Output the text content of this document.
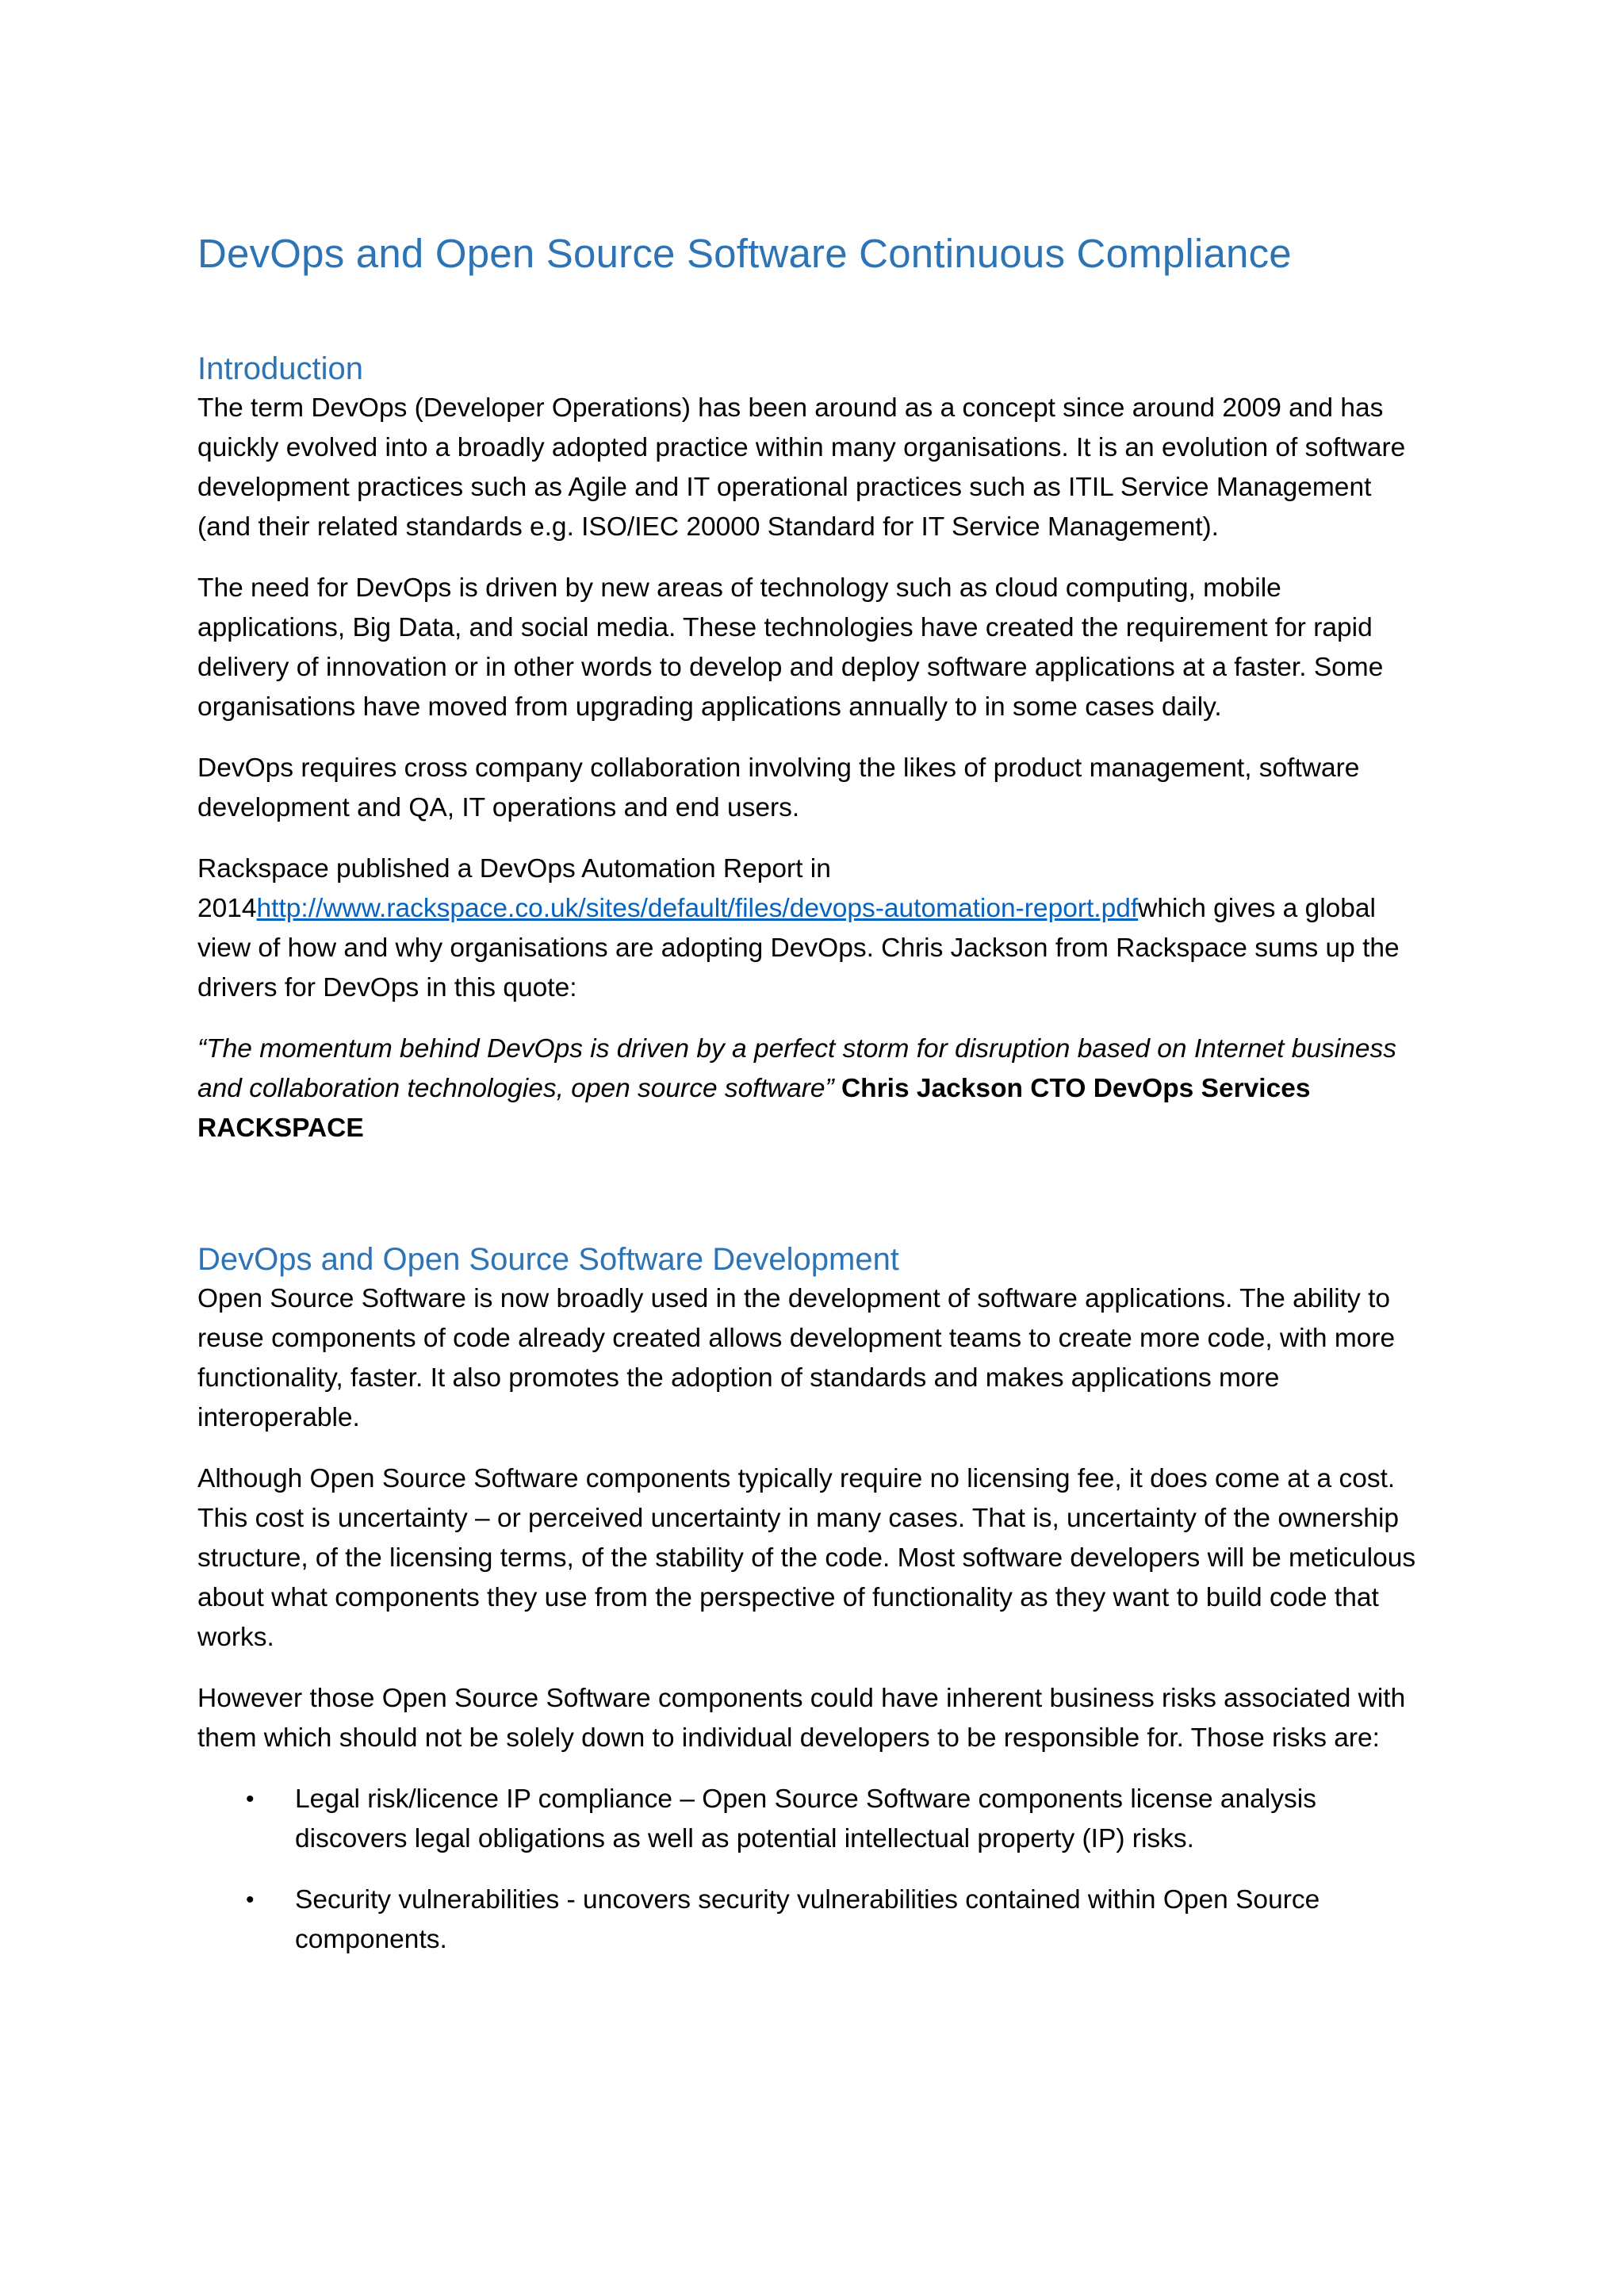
DevOps and Open Source Software Continuous Compliance
Introduction

The term DevOps (Developer Operations) has been around as a concept since around 2009 and has quickly evolved into a broadly adopted practice within many organisations. It is an evolution of software development practices such as Agile and IT operational practices such as ITIL Service Management (and their related standards e.g. ISO/IEC 20000 Standard for IT Service Management).

The need for DevOps is driven by new areas of technology such as cloud computing, mobile applications, Big Data, and social media. These technologies have created the requirement for rapid delivery of innovation or in other words to develop and deploy software applications at a faster. Some organisations have moved from upgrading applications annually to in some cases daily.

DevOps requires cross company collaboration involving the likes of product management, software development and QA, IT operations and end users.

Rackspace published a DevOps Automation Report in 2014http://www.rackspace.co.uk/sites/default/files/devops-automation-report.pdfwhich gives a global view of how and why organisations are adopting DevOps. Chris Jackson from Rackspace sums up the drivers for DevOps in this quote:

“The momentum behind DevOps is driven by a perfect storm for disruption based on Internet business and collaboration technologies, open source software” Chris Jackson CTO DevOps Services RACKSPACE

DevOps and Open Source Software Development

Open Source Software is now broadly used in the development of software applications. The ability to reuse components of code already created allows development teams to create more code, with more functionality, faster. It also promotes the adoption of standards and makes applications more interoperable.

Although Open Source Software components typically require no licensing fee, it does come at a cost. This cost is uncertainty – or perceived uncertainty in many cases. That is, uncertainty of the ownership structure, of the licensing terms, of the stability of the code. Most software developers will be meticulous about what components they use from the perspective of functionality as they want to build code that works.

However those Open Source Software components could have inherent business risks associated with them which should not be solely down to individual developers to be responsible for. Those risks are:

• Legal risk/licence IP compliance – Open Source Software components license analysis discovers legal obligations as well as potential intellectual property (IP) risks.
• Security vulnerabilities - uncovers security vulnerabilities contained within Open Source components.
